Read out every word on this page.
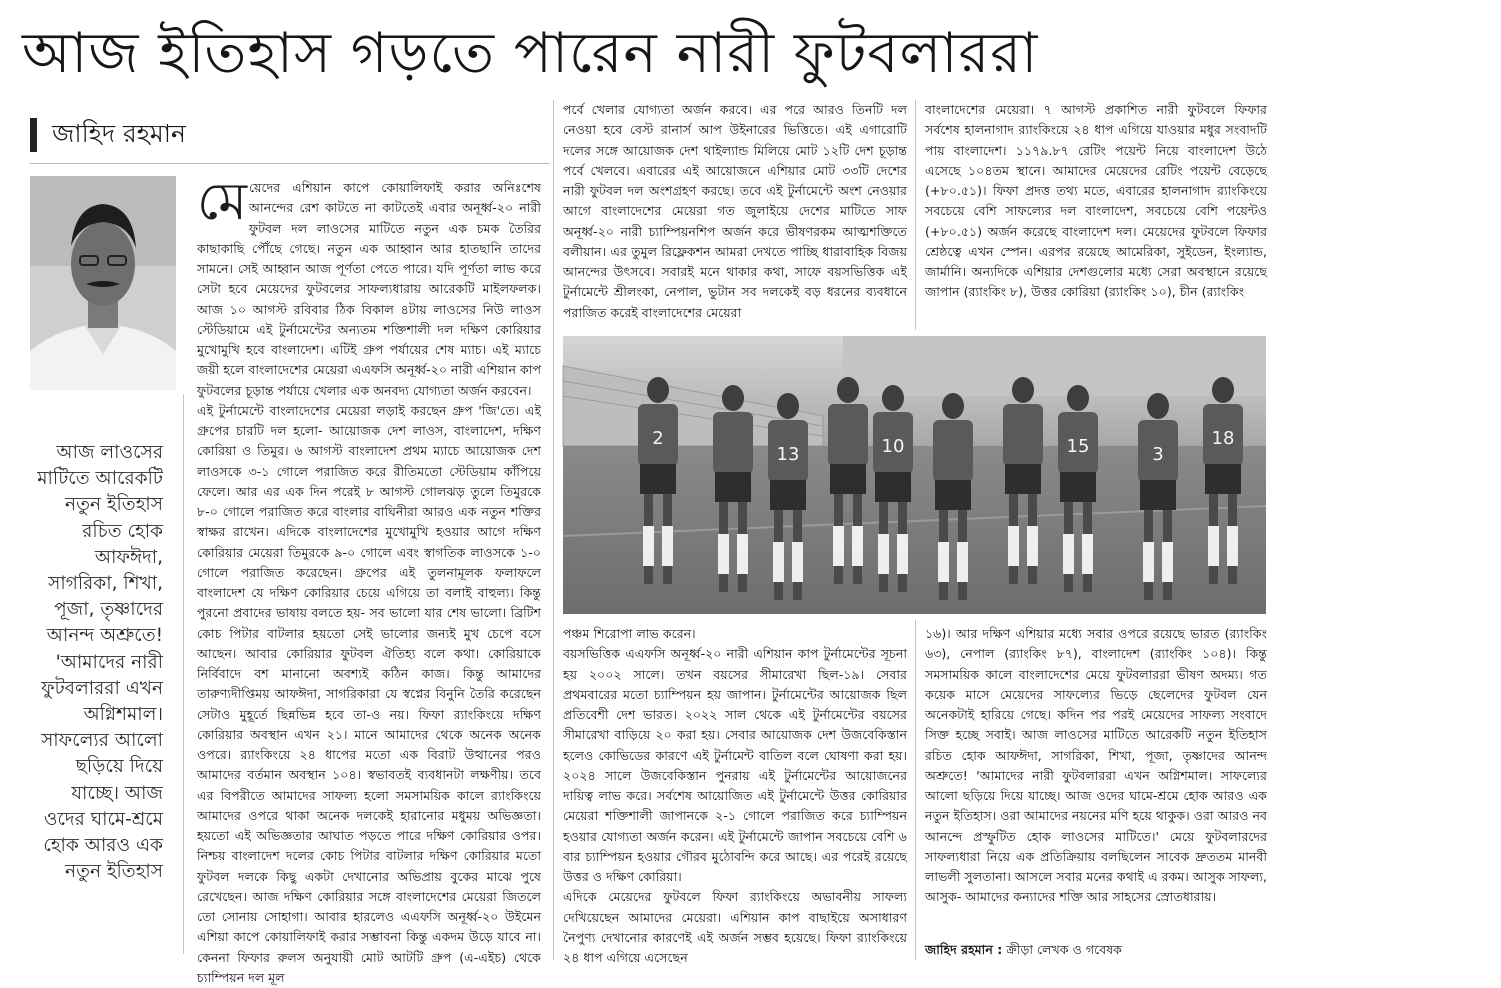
আজ ইতিহাস গড়তে পারেন নারী ফুটবলাররা
জাহিদ রহমান
আজ লাওসের মাটিতে আরেকটি নতুন ইতিহাস রচিত হোক আফঈদা, সাগরিকা, শিখা, পূজা, তৃষ্ণাদের আনন্দ অশ্রুতে! 'আমাদের নারী ফুটবলাররা এখন অগ্নিশমাল। সাফল্যের আলো ছড়িয়ে দিয়ে যাচ্ছে। আজ ওদের ঘামে-শ্রমে হোক আরও এক নতুন ইতিহাস
মে য়েদের এশিয়ান কাপে কোয়ালিফাই করার অনিঃশেষ আনন্দের রেশ কাটতে না কাটতেই এবার অনূর্ধ্ব-২০ নারী ফুটবল দল লাওসের মাটিতে নতুন এক চমক তৈরির কাছাকাছি পৌঁছে গেছে। নতুন এক আহ্বান আর হাতছানি তাদের সামনে। সেই আহ্বান আজ পূর্ণতা পেতে পারে। যদি পূর্ণতা লাভ করে সেটা হবে মেয়েদের ফুটবলের সাফল্যধারায় আরেকটি মাইলফলক। আজ ১০ আগস্ট রবিবার ঠিক বিকাল ৪টায় লাওসের নিউ লাওস স্টেডিয়ামে এই টুর্নামেন্টের অন্যতম শক্তিশালী দল দক্ষিণ কোরিয়ার মুখোমুখি হবে বাংলাদেশ। এটিই গ্রুপ পর্যায়ের শেষ ম্যাচ। এই ম্যাচে জয়ী হলে বাংলাদেশের মেয়েরা এএফসি অনূর্ধ্ব-২০ নারী এশিয়ান কাপ ফুটবলের চূড়ান্ত পর্যায়ে খেলার এক অনবদ্য যোগ্যতা অর্জন করবেন।

এই টুর্নামেন্টে বাংলাদেশের মেয়েরা লড়াই করছেন গ্রুপ 'জি'তে। এই গ্রুপের চারটি দল হলো- আয়োজক দেশ লাওস, বাংলাদেশ, দক্ষিণ কোরিয়া ও তিমুর। ৬ আগস্ট বাংলাদেশ প্রথম ম্যাচে আয়োজক দেশ লাওসকে ৩-১ গোলে পরাজিত করে রীতিমতো স্টেডিয়াম কাঁপিয়ে ফেলে। আর এর এক দিন পরেই ৮ আগস্ট গোলঝড় তুলে তিমুরকে ৮-০ গোলে পরাজিত করে বাংলার বাঘিনীরা আরও এক নতুন শক্তির স্বাক্ষর রাখেন। এদিকে বাংলাদেশের মুখোমুখি হওয়ার আগে দক্ষিণ কোরিয়ার মেয়েরা তিমুরকে ৯-০ গোলে এবং স্বাগতিক লাওসকে ১-০ গোলে পরাজিত করেছেন। গ্রুপের এই তুলনামূলক ফলাফলে বাংলাদেশ যে দক্ষিণ কোরিয়ার চেয়ে এগিয়ে তা বলাই বাহুল্য। কিন্তু পুরনো প্রবাদের ভাষায় বলতে হয়- সব ভালো যার শেষ ভালো। ব্রিটিশ কোচ পিটার বাটলার হয়তো সেই ভালোর জন্যই মুখ চেপে বসে আছেন। আবার কোরিয়ার ফুটবল ঐতিহ্য বলে কথা। কোরিয়াকে নির্বিবাদে বশ মানানো অবশ্যই কঠিন কাজ। কিন্তু আমাদের তারুণ্যদীপ্তিময় আফঈদা, সাগরিকারা যে স্বপ্নের বিনুনি তৈরি করেছেন সেটাও মুহূর্তে ছিন্নভিন্ন হবে তা-ও নয়। ফিফা র‌্যাংকিংয়ে দক্ষিণ কোরিয়ার অবস্থান এখন ২১। মানে আমাদের থেকে অনেক অনেক ওপরে। র‌্যাংকিংয়ে ২৪ ধাপের মতো এক বিরাট উত্থানের পরও আমাদের বর্তমান অবস্থান ১০৪। স্বভাবতই ব্যবধানটা লক্ষণীয়। তবে এর বিপরীতে আমাদের সাফল্য হলো সমসাময়িক কালে র‌্যাংকিংয়ে আমাদের ওপরে থাকা অনেক দলকেই হারানোর মধুময় অভিজ্ঞতা। হয়তো এই অভিজ্ঞতার আঘাত পড়তে পারে দক্ষিণ কোরিয়ার ওপর। নিশ্চয় বাংলাদেশ দলের কোচ পিটার বাটলার দক্ষিণ কোরিয়ার মতো ফুটবল দলকে কিছু একটা দেখানোর অভিপ্রায় বুকের মাঝে পুষে রেখেছেন। আজ দক্ষিণ কোরিয়ার সঙ্গে বাংলাদেশের মেয়েরা জিতলে তো সোনায় সোহাগা। আবার হারলেও এএফসি অনূর্ধ্ব-২০ উইমেন এশিয়া কাপে কোয়ালিফাই করার সম্ভাবনা কিন্তু একদম উড়ে যাবে না। কেননা ফিফার রুলস অনুযায়ী মোট আটটি গ্রুপ (এ-এইচ) থেকে চ্যাম্পিয়ন দল মূল

পর্বে খেলার যোগ্যতা অর্জন করবে। এর পরে আরও তিনটি দল নেওয়া হবে বেস্ট রানার্স আপ উইনারের ভিত্তিতে। এই এগারোটি দলের সঙ্গে আয়োজক দেশ থাইল্যান্ড মিলিয়ে মোট ১২টি দেশ চূড়ান্ত পর্বে খেলবে। এবারের এই আয়োজনে এশিয়ার মোট ৩৩টি দেশের নারী ফুটবল দল অংশগ্রহণ করছে। তবে এই টুর্নামেন্টে অংশ নেওয়ার আগে বাংলাদেশের মেয়েরা গত জুলাইয়ে দেশের মাটিতে সাফ অনূর্ধ্ব-২০ নারী চ্যাম্পিয়নশিপ অর্জন করে ভীষণরকম আত্মশক্তিতে বলীয়ান। এর তুমুল রিফ্লেকশন আমরা দেখতে পাচ্ছি ধারাবাহিক বিজয় আনন্দের উৎসবে। সবারই মনে থাকার কথা, সাফে বয়সভিত্তিক এই টুর্নামেন্টে শ্রীলংকা, নেপাল, ভুটান সব দলকেই বড় ধরনের ব্যবধানে পরাজিত করেই বাংলাদেশের মেয়েরা

বাংলাদেশের মেয়েরা। ৭ আগস্ট প্রকাশিত নারী ফুটবলে ফিফার সর্বশেষ হালনাগাদ র‌্যাংকিংয়ে ২৪ ধাপ এগিয়ে যাওয়ার মধুর সংবাদটি পায় বাংলাদেশ। ১১৭৯.৮৭ রেটিং পয়েন্ট নিয়ে বাংলাদেশ উঠে এসেছে ১০৪তম স্থানে। আমাদের মেয়েদের রেটিং পয়েন্ট বেড়েছে (+৮০.৫১)। ফিফা প্রদত্ত তথ্য মতে, এবারের হালনাগাদ র‌্যাংকিংয়ে সবচেয়ে বেশি সাফল্যের দল বাংলাদেশ, সবচেয়ে বেশি পয়েন্টও (+৮০.৫১) অর্জন করেছে বাংলাদেশ দল। মেয়েদের ফুটবলে ফিফার শ্রেষ্ঠত্বে এখন স্পেন। এরপর রয়েছে আমেরিকা, সুইডেন, ইংল্যান্ড, জার্মানি। অন্যদিকে এশিয়ার দেশগুলোর মধ্যে সেরা অবস্থানে রয়েছে জাপান (র‌্যাংকিং ৮), উত্তর কোরিয়া (র‌্যাংকিং ১০), চীন (র‌্যাংকিং

2
13	10	15	3
18
আমাদের সময়

পঞ্চম শিরোপা লাভ করেন।

বয়সভিত্তিক এএফসি অনূর্ধ্ব-২০ নারী এশিয়ান কাপ টুর্নামেন্টের সূচনা হয় ২০০২ সালে। তখন বয়সের সীমারেখা ছিল-১৯। সেবার প্রথমবারের মতো চ্যাম্পিয়ন হয় জাপান। টুর্নামেন্টের আয়োজক ছিল প্রতিবেশী দেশ ভারত। ২০২২ সাল থেকে এই টুর্নামেন্টের বয়সের সীমারেখা বাড়িয়ে ২০ করা হয়। সেবার আয়োজক দেশ উজবেকিস্তান হলেও কোভিডের কারণে এই টুর্নামেন্ট বাতিল বলে ঘোষণা করা হয়। ২০২৪ সালে উজবেকিস্তান পুনরায় এই টুর্নামেন্টের আয়োজনের দায়িত্ব লাভ করে। সর্বশেষ আয়োজিত এই টুর্নামেন্টে উত্তর কোরিয়ার মেয়েরা শক্তিশালী জাপানকে ২-১ গোলে পরাজিত করে চ্যাম্পিয়ন হওয়ার যোগ্যতা অর্জন করেন। এই টুর্নামেন্টে জাপান সবচেয়ে বেশি ৬ বার চ্যাম্পিয়ন হওয়ার গৌরব মুঠোবন্দি করে আছে। এর পরেই রয়েছে উত্তর ও দক্ষিণ কোরিয়া।

এদিকে মেয়েদের ফুটবলে ফিফা র‌্যাংকিংয়ে অভাবনীয় সাফল্য দেখিয়েছেন আমাদের মেয়েরা। এশিয়ান কাপ বাছাইয়ে অসাধারণ নৈপুণ্য দেখানোর কারণেই এই অর্জন সম্ভব হয়েছে। ফিফা র‌্যাংকিংয়ে ২৪ ধাপ এগিয়ে এসেছেন

১৬)। আর দক্ষিণ এশিয়ার মধ্যে সবার ওপরে রয়েছে ভারত (র‌্যাংকিং ৬৩), নেপাল (র‌্যাংকিং ৮৭), বাংলাদেশ (র‌্যাংকিং ১০৪)। কিন্তু সমসাময়িক কালে বাংলাদেশের মেয়ে ফুটবলাররা ভীষণ অদম্য। গত কয়েক মাসে মেয়েদের সাফল্যের ভিড়ে ছেলেদের ফুটবল যেন অনেকটাই হারিয়ে গেছে। কদিন পর পরই মেয়েদের সাফল্য সংবাদে সিক্ত হচ্ছে সবাই। আজ লাওসের মাটিতে আরেকটি নতুন ইতিহাস রচিত হোক আফঈদা, সাগরিকা, শিখা, পূজা, তৃষ্ণাদের আনন্দ অশ্রুতে! 'আমাদের নারী ফুটবলাররা এখন অগ্নিশমাল। সাফল্যের আলো ছড়িয়ে দিয়ে যাচ্ছে। আজ ওদের ঘামে-শ্রমে হোক আরও এক নতুন ইতিহাস। ওরা আমাদের নয়নের মণি হয়ে থাকুক। ওরা আরও নব আনন্দে প্রস্ফুটিত হোক লাওসের মাটিতে।' মেয়ে ফুটবলারদের সাফল্যধারা নিয়ে এক প্রতিক্রিয়ায় বলছিলেন সাবেক দ্রুততম মানবী লাভলী সুলতানা। আসলে সবার মনের কথাই এ রকম। আসুক সাফল্য, আসুক- আমাদের কন্যাদের শক্তি আর সাহসের স্রোতধারায়।

জাহিদ রহমান : ক্রীড়া লেখক ও গবেষক
